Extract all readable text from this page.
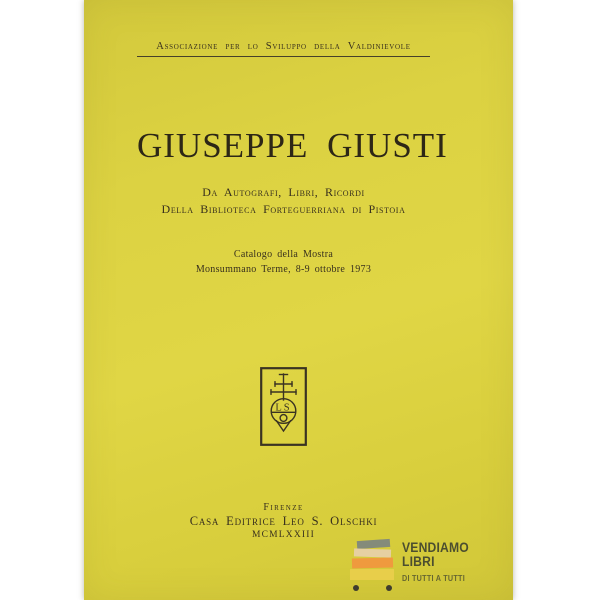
Associazione per lo Sviluppo della Valdinievole
GIUSEPPE GIUSTI
Da Autografi, Libri, Ricordi
Della Biblioteca Forteguerriana di Pistoia
Catalogo della Mostra
Monsummano Terme, 8-9 ottobre 1973
LS
Firenze
Casa Editrice Leo S. Olschki
MCMLXXIII
VENDIAMO
LIBRI
DI TUTTI A TUTTI
